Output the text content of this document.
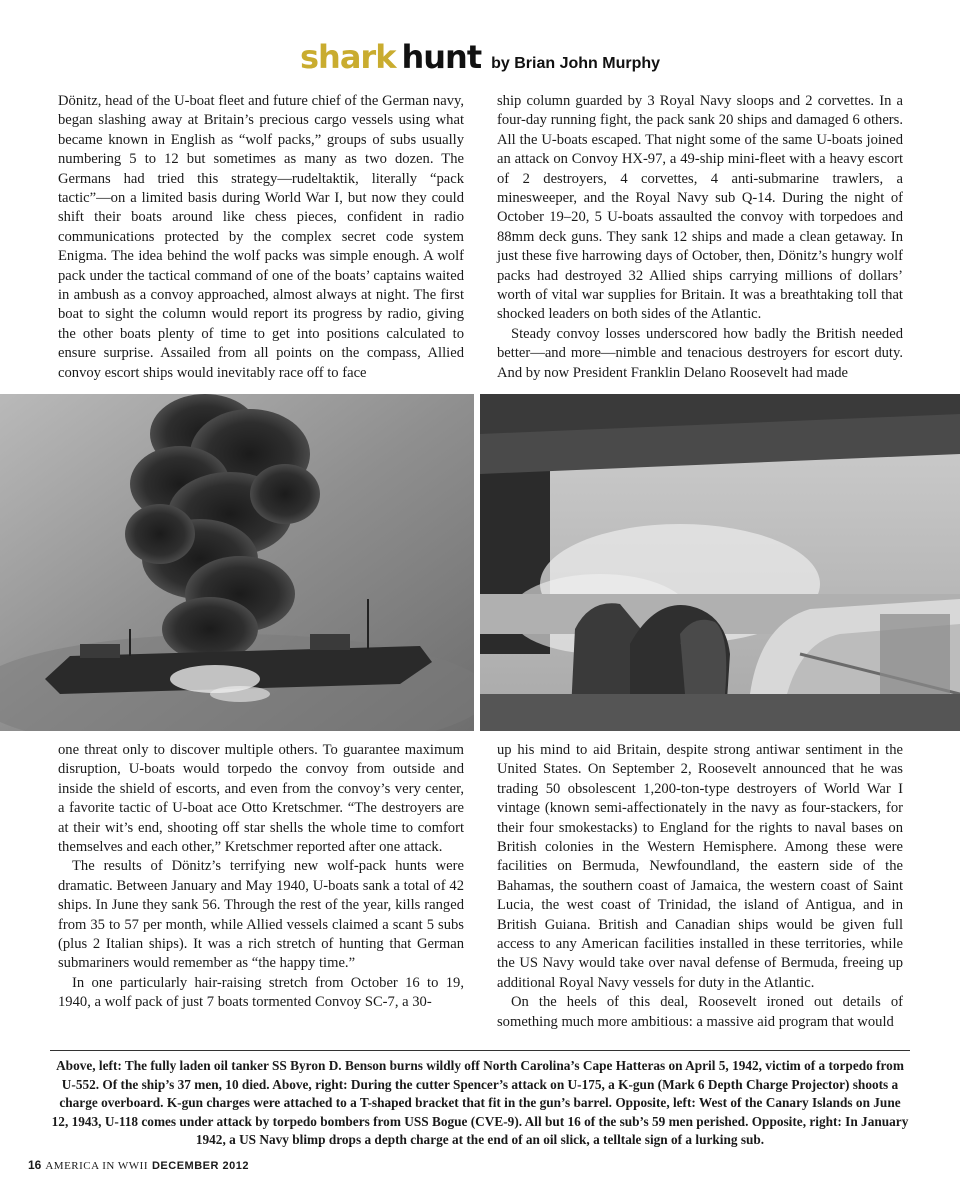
shark hunt by Brian John Murphy

Dönitz, head of the U-boat fleet and future chief of the German navy, began slashing away at Britain’s precious cargo vessels using what became known in English as “wolf packs,” groups of subs usually numbering 5 to 12 but sometimes as many as two dozen. The Germans had tried this strategy—rudeltaktik, literally “pack tactic”—on a limited basis during World War I, but now they could shift their boats around like chess pieces, confident in radio communications protected by the complex secret code system Enigma. The idea behind the wolf packs was simple enough. A wolf pack under the tactical command of one of the boats’ captains waited in ambush as a convoy approached, almost always at night. The first boat to sight the column would report its progress by radio, giving the other boats plenty of time to get into positions calculated to ensure surprise. Assailed from all points on the compass, Allied convoy escort ships would inevitably race off to face

ship column guarded by 3 Royal Navy sloops and 2 corvettes. In a four-day running fight, the pack sank 20 ships and damaged 6 others. All the U-boats escaped. That night some of the same U-boats joined an attack on Convoy HX-97, a 49-ship mini-fleet with a heavy escort of 2 destroyers, 4 corvettes, 4 anti-submarine trawlers, a minesweeper, and the Royal Navy sub Q-14. During the night of October 19–20, 5 U-boats assaulted the convoy with torpedoes and 88mm deck guns. They sank 12 ships and made a clean getaway. In just these five harrowing days of October, then, Dönitz’s hungry wolf packs had destroyed 32 Allied ships carrying millions of dollars’ worth of vital war supplies for Britain. It was a breathtaking toll that shocked leaders on both sides of the Atlantic.

Steady convoy losses underscored how badly the British needed better—and more—nimble and tenacious destroyers for escort duty. And by now President Franklin Delano Roosevelt had made

one threat only to discover multiple others. To guarantee maximum disruption, U-boats would torpedo the convoy from outside and inside the shield of escorts, and even from the convoy’s very center, a favorite tactic of U-boat ace Otto Kretschmer. “The destroyers are at their wit’s end, shooting off star shells the whole time to comfort themselves and each other,” Kretschmer reported after one attack.

The results of Dönitz’s terrifying new wolf-pack hunts were dramatic. Between January and May 1940, U-boats sank a total of 42 ships. In June they sank 56. Through the rest of the year, kills ranged from 35 to 57 per month, while Allied vessels claimed a scant 5 subs (plus 2 Italian ships). It was a rich stretch of hunting that German submariners would remember as “the happy time.”

In one particularly hair-raising stretch from October 16 to 19, 1940, a wolf pack of just 7 boats tormented Convoy SC-7, a 30-

up his mind to aid Britain, despite strong antiwar sentiment in the United States. On September 2, Roosevelt announced that he was trading 50 obsolescent 1,200-ton-type destroyers of World War I vintage (known semi-affectionately in the navy as four-stackers, for their four smokestacks) to England for the rights to naval bases on British colonies in the Western Hemisphere. Among these were facilities on Bermuda, Newfoundland, the eastern side of the Bahamas, the southern coast of Jamaica, the western coast of Saint Lucia, the west coast of Trinidad, the island of Antigua, and in British Guiana. British and Canadian ships would be given full access to any American facilities installed in these territories, while the US Navy would take over naval defense of Bermuda, freeing up additional Royal Navy vessels for duty in the Atlantic.

On the heels of this deal, Roosevelt ironed out details of something much more ambitious: a massive aid program that would

Above, left: The fully laden oil tanker SS Byron D. Benson burns wildly off North Carolina’s Cape Hatteras on April 5, 1942, victim of a torpedo from U-552. Of the ship’s 37 men, 10 died. Above, right: During the cutter Spencer’s attack on U-175, a K-gun (Mark 6 Depth Charge Projector) shoots a charge overboard. K-gun charges were attached to a T-shaped bracket that fit in the gun’s barrel. Opposite, left: West of the Canary Islands on June 12, 1943, U-118 comes under attack by torpedo bombers from USS Bogue (CVE-9). All but 16 of the sub’s 59 men perished. Opposite, right: In January 1942, a US Navy blimp drops a depth charge at the end of an oil slick, a telltale sign of a lurking sub.
16 AMERICA IN WWII DECEMBER 2012
